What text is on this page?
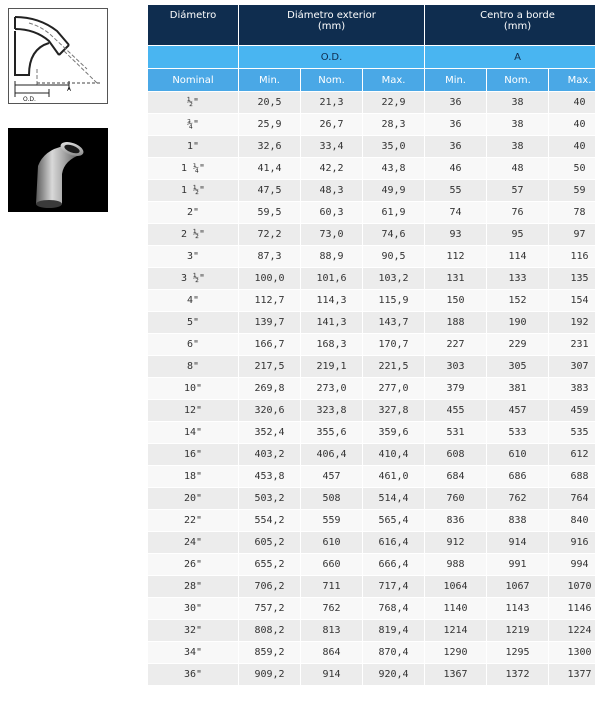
O.D.
A
Diámetro	Diámetro exterior
(mm)			Centro a borde
(mm)		
	O.D.			A		
Nominal	Min.	Nom.	Max.	Min.	Nom.	Max.
½"	20,5	21,3	22,9	36	38	40
¾"	25,9	26,7	28,3	36	38	40
1"	32,6	33,4	35,0	36	38	40
1 ¼"	41,4	42,2	43,8	46	48	50
1 ½"	47,5	48,3	49,9	55	57	59
2"	59,5	60,3	61,9	74	76	78
2 ½"	72,2	73,0	74,6	93	95	97
3"	87,3	88,9	90,5	112	114	116
3 ½"	100,0	101,6	103,2	131	133	135
4"	112,7	114,3	115,9	150	152	154
5"	139,7	141,3	143,7	188	190	192
6"	166,7	168,3	170,7	227	229	231
8"	217,5	219,1	221,5	303	305	307
10"	269,8	273,0	277,0	379	381	383
12"	320,6	323,8	327,8	455	457	459
14"	352,4	355,6	359,6	531	533	535
16"	403,2	406,4	410,4	608	610	612
18"	453,8	457	461,0	684	686	688
20"	503,2	508	514,4	760	762	764
22"	554,2	559	565,4	836	838	840
24"	605,2	610	616,4	912	914	916
26"	655,2	660	666,4	988	991	994
28"	706,2	711	717,4	1064	1067	1070
30"	757,2	762	768,4	1140	1143	1146
32"	808,2	813	819,4	1214	1219	1224
34"	859,2	864	870,4	1290	1295	1300
36"	909,2	914	920,4	1367	1372	1377
